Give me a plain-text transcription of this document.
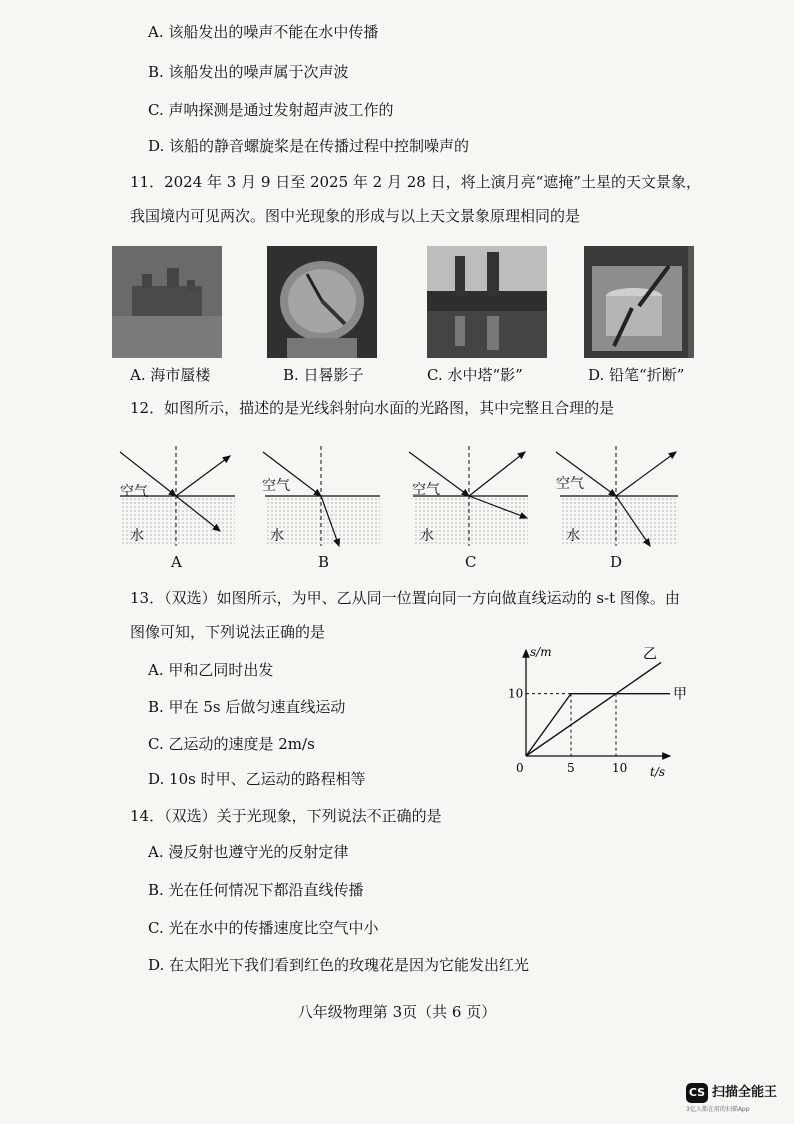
A. 该船发出的噪声不能在水中传播
B. 该船发出的噪声属于次声波
C. 声呐探测是通过发射超声波工作的
D. 该船的静音螺旋桨是在传播过程中控制噪声的
11．2024 年 3 月 9 日至 2025 年 2 月 28 日，将上演月亮“遮掩”土星的天文景象，
我国境内可见两次。图中光现象的形成与以上天文景象原理相同的是
A. 海市蜃楼	B. 日晷影子	C. 水中塔“影”	D. 铅笔“折断”
12．如图所示，描述的是光线斜射向水面的光路图，其中完整且合理的是
空气
水
A
空气
水
B
空气
水
C
空气
水
D
13．（双选）如图所示，为甲、乙从同一位置向同一方向做直线运动的 s-t 图像。由
图像可知，下列说法正确的是
A. 甲和乙同时出发
B. 甲在 5s 后做匀速直线运动
C. 乙运动的速度是 2m/s
D. 10s 时甲、乙运动的路程相等
甲
乙
0	5	10
10
s/m
t/s
14．（双选）关于光现象，下列说法不正确的是
A. 漫反射也遵守光的反射定律
B. 光在任何情况下都沿直线传播
C. 光在水中的传播速度比空气中小
D. 在太阳光下我们看到红色的玫瑰花是因为它能发出红光
八年级物理第 3页（共 6 页）
CS 扫描全能王
3亿人都在用的扫描App
